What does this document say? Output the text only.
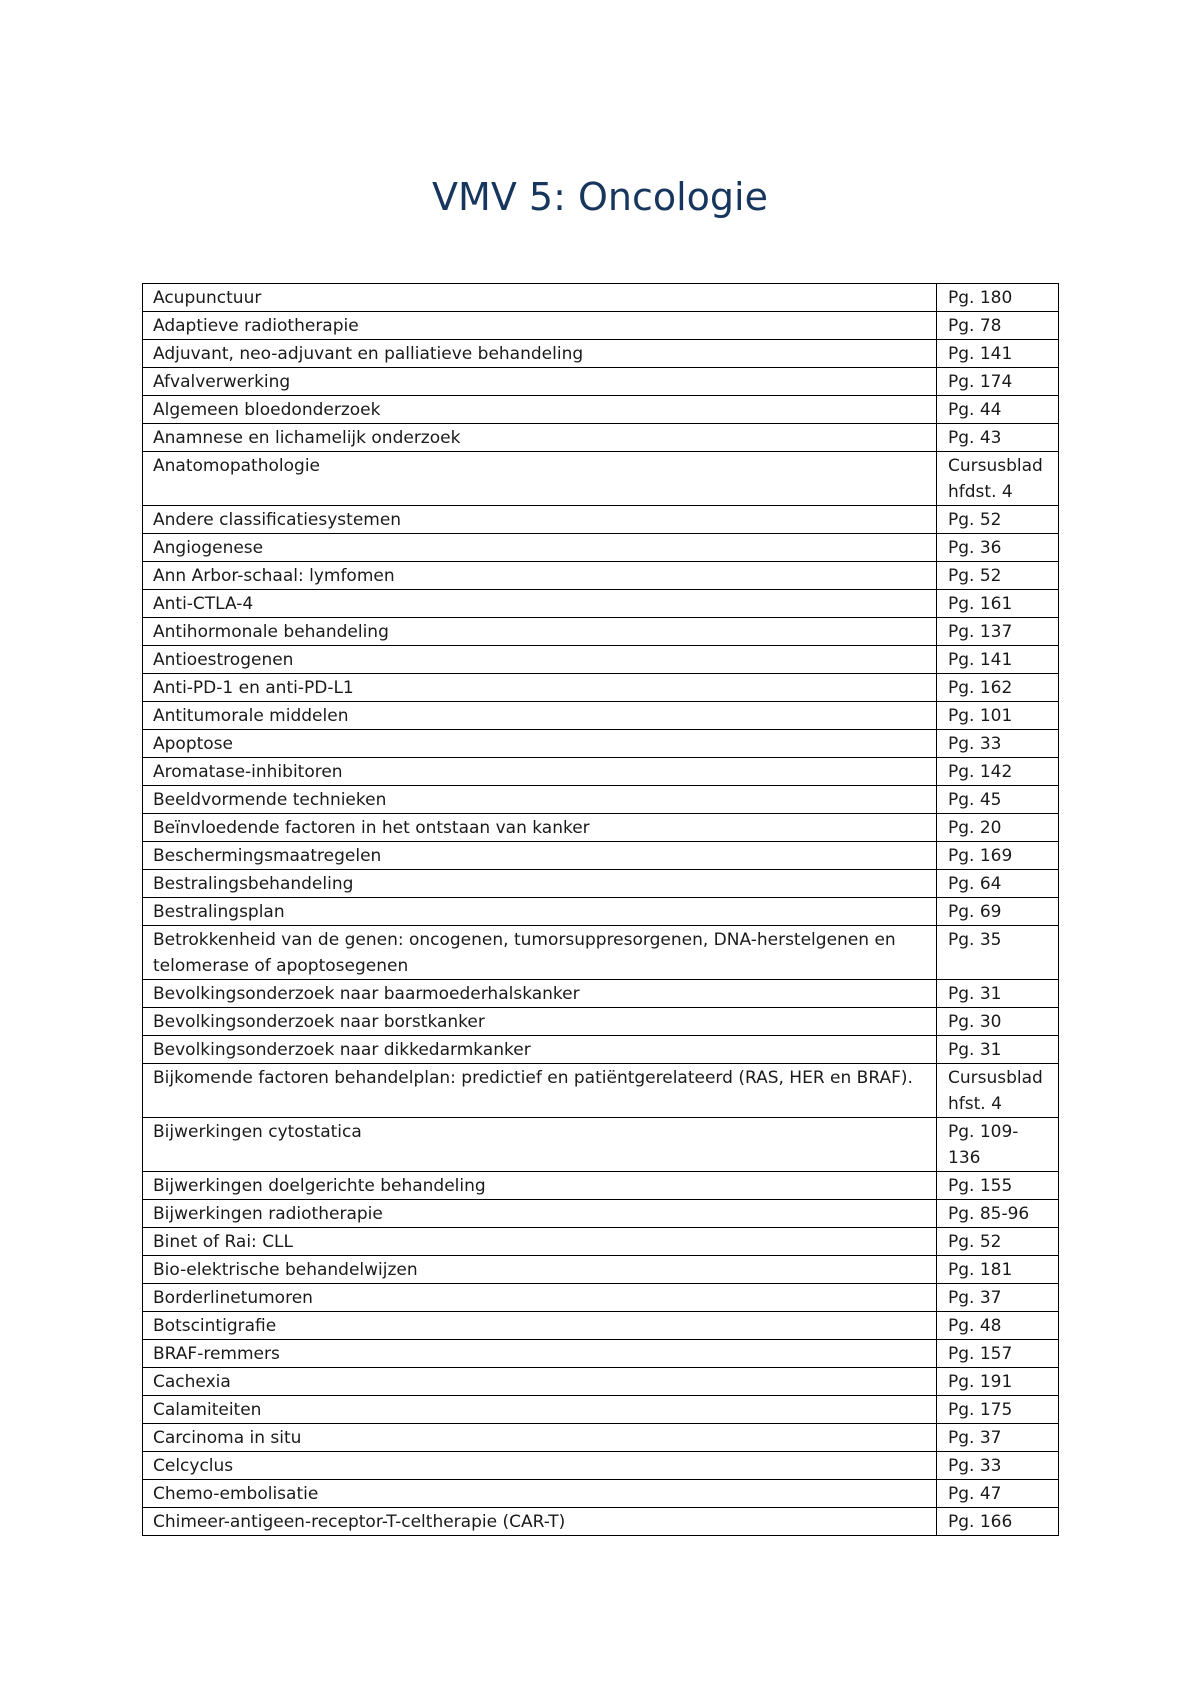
VMV 5: Oncologie
Acupunctuur	Pg. 180
Adaptieve radiotherapie	Pg. 78
Adjuvant, neo-adjuvant en palliatieve behandeling	Pg. 141
Afvalverwerking	Pg. 174
Algemeen bloedonderzoek	Pg. 44
Anamnese en lichamelijk onderzoek	Pg. 43
Anatomopathologie	Cursusblad hfdst. 4
Andere classificatiesystemen	Pg. 52
Angiogenese	Pg. 36
Ann Arbor-schaal: lymfomen	Pg. 52
Anti-CTLA-4	Pg. 161
Antihormonale behandeling	Pg. 137
Antioestrogenen	Pg. 141
Anti-PD-1 en anti-PD-L1	Pg. 162
Antitumorale middelen	Pg. 101
Apoptose	Pg. 33
Aromatase-inhibitoren	Pg. 142
Beeldvormende technieken	Pg. 45
Beïnvloedende factoren in het ontstaan van kanker	Pg. 20
Beschermingsmaatregelen	Pg. 169
Bestralingsbehandeling	Pg. 64
Bestralingsplan	Pg. 69
Betrokkenheid van de genen: oncogenen, tumorsuppresorgenen, DNA-herstelgenen en telomerase of apoptosegenen	Pg. 35
Bevolkingsonderzoek naar baarmoederhalskanker	Pg. 31
Bevolkingsonderzoek naar borstkanker	Pg. 30
Bevolkingsonderzoek naar dikkedarmkanker	Pg. 31
Bijkomende factoren behandelplan: predictief en patiëntgerelateerd (RAS, HER en BRAF).	Cursusblad hfst. 4
Bijwerkingen cytostatica	Pg. 109-136
Bijwerkingen doelgerichte behandeling	Pg. 155
Bijwerkingen radiotherapie	Pg. 85-96
Binet of Rai: CLL	Pg. 52
Bio-elektrische behandelwijzen	Pg. 181
Borderlinetumoren	Pg. 37
Botscintigrafie	Pg. 48
BRAF-remmers	Pg. 157
Cachexia	Pg. 191
Calamiteiten	Pg. 175
Carcinoma in situ	Pg. 37
Celcyclus	Pg. 33
Chemo-embolisatie	Pg. 47
Chimeer-antigeen-receptor-T-celtherapie (CAR-T)	Pg. 166
